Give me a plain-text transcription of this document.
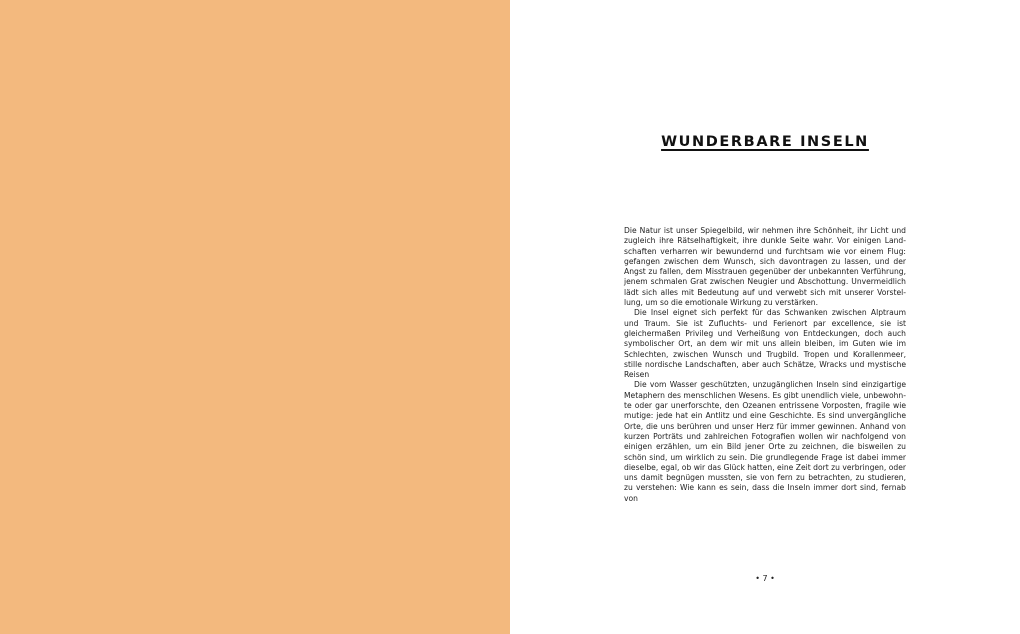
WUNDERBARE INSELN

Die Natur ist unser Spiegelbild, wir nehmen ihre Schönheit, ihr Licht und zugleich ihre Rätselhaftigkeit, ihre dunkle Seite wahr. Vor einigen Landschaften verharren wir bewundernd und furchtsam wie vor einem Flug: gefangen zwischen dem Wunsch, sich davontragen zu lassen, und der Angst zu fallen, dem Misstrauen gegenüber der unbekannten Verführung, jenem schmalen Grat zwischen Neugier und Abschottung. Unvermeidlich lädt sich alles mit Bedeutung auf und verwebt sich mit unserer Vorstellung, um so die emotionale Wirkung zu verstärken.

Die Insel eignet sich perfekt für das Schwanken zwischen Alptraum und Traum. Sie ist Zufluchts- und Ferienort par excellence, sie ist gleichermaßen Privileg und Verheißung von Entdeckungen, doch auch symbolischer Ort, an dem wir mit uns allein bleiben, im Guten wie im Schlechten, zwischen Wunsch und Trugbild. Tropen und Korallenmeer, stille nordische Landschaften, aber auch Schätze, Wracks und mystische Reisen

Die vom Wasser geschützten, unzugänglichen Inseln sind einzigartige Metaphern des menschlichen Wesens. Es gibt unendlich viele, unbewohnte oder gar unerforschte, den Ozeanen entrissene Vorposten, fragile wie mutige: jede hat ein Antlitz und eine Geschichte. Es sind unvergängliche Orte, die uns berühren und unser Herz für immer gewinnen. Anhand von kurzen Porträts und zahlreichen Fotografien wollen wir nachfolgend von einigen erzählen, um ein Bild jener Orte zu zeichnen, die bisweilen zu schön sind, um wirklich zu sein. Die grundlegende Frage ist dabei immer dieselbe, egal, ob wir das Glück hatten, eine Zeit dort zu verbringen, oder uns damit begnügen mussten, sie von fern zu betrachten, zu studieren, zu verstehen: Wie kann es sein, dass die Inseln immer dort sind, fernab von

• 7 •
